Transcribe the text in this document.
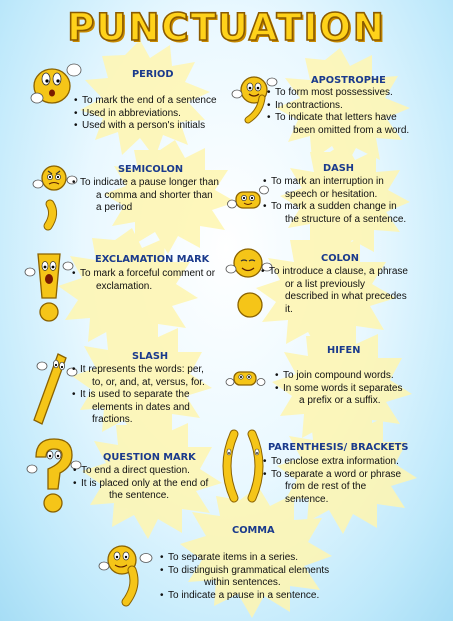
PUNCTUATION
PERIOD
• To mark the end of a sentence
• Used in abbreviations.
• Used with a person's initials
APOSTROPHE
• To form most possessives.
• In contractions.
• To indicate that letters have
been omitted from a word.
SEMICOLON
• To indicate a pause longer than
a comma and shorter than
a period
DASH
• To mark an interruption in
speech or hesitation.
• To mark a sudden change in
the structure of a sentence.
EXCLAMATION MARK
• To mark a forceful comment or
exclamation.
COLON
• To introduce a clause, a phrase
or a list previously
described in what precedes
it.
SLASH
• It represents the words: per,
to, or, and, at, versus, for.
• It is used to separate the
elements in dates and
fractions.
HIFEN
• To join compound words.
• In some words it separates
a prefix or a suffix.
QUESTION MARK
• To end a direct question.
• It is placed only at the end of
the sentence.
PARENTHESIS/ BRACKETS
• To enclose extra information.
• To separate a word or phrase
from de rest of the
sentence.
COMMA
• To separate items in a series.
• To distinguish grammatical elements
within sentences.
• To indicate a pause in a sentence.
